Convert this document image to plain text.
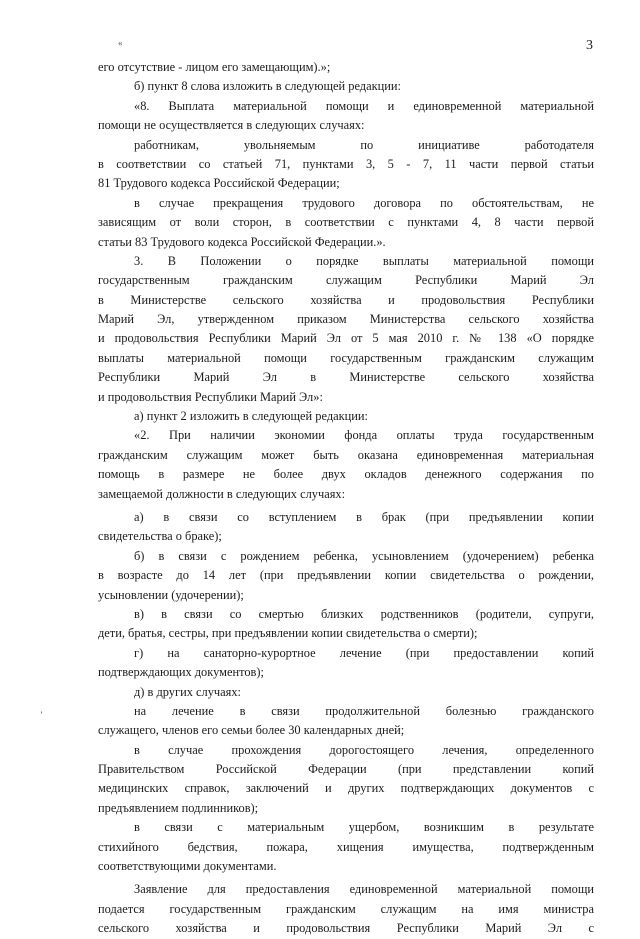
«
ʼ
3
его отсутствие - лицом его замещающим).»;
б) пункт 8 слова изложить в следующей редакции:
«8. Выплата материальной помощи и единовременной материальной
помощи не осуществляется в следующих случаях:
работникам, увольняемым по инициативе работодателя
в соответствии со статьей 71, пунктами 3, 5 - 7, 11 части первой статьи
81 Трудового кодекса Российской Федерации;
в случае прекращения трудового договора по обстоятельствам, не
зависящим от воли сторон, в соответствии с пунктами 4, 8 части первой
статьи 83 Трудового кодекса Российской Федерации.».
3. В Положении о порядке выплаты материальной помощи
государственным гражданским служащим Республики Марий Эл
в Министерстве сельского хозяйства и продовольствия Республики
Марий Эл, утвержденном приказом Министерства сельского хозяйства
и продовольствия Республики Марий Эл от 5 мая 2010 г. № 138 «О порядке
выплаты материальной помощи государственным гражданским служащим
Республики Марий Эл в Министерстве сельского хозяйства
и продовольствия Республики Марий Эл»:
а) пункт 2 изложить в следующей редакции:
«2. При наличии экономии фонда оплаты труда государственным
гражданским служащим может быть оказана единовременная материальная
помощь в размере не более двух окладов денежного содержания по
замещаемой должности в следующих случаях:
а) в связи со вступлением в брак (при предъявлении копии
свидетельства о браке);
б) в связи с рождением ребенка, усыновлением (удочерением) ребенка
в возрасте до 14 лет (при предъявлении копии свидетельства о рождении,
усыновлении (удочерении);
в) в связи со смертью близких родственников (родители, супруги,
дети, братья, сестры, при предъявлении копии свидетельства о смерти);
г) на санаторно-курортное лечение (при предоставлении копий
подтверждающих документов);
д) в других случаях:
на лечение в связи продолжительной болезнью гражданского
служащего, членов его семьи более 30 календарных дней;
в случае прохождения дорогостоящего лечения, определенного
Правительством Российской Федерации (при представлении копий
медицинских справок, заключений и других подтверждающих документов с
предъявлением подлинников);
в связи с материальным ущербом, возникшим в результате
стихийного бедствия, пожара, хищения имущества, подтвержденным
соответствующими документами.
Заявление для предоставления единовременной материальной помощи
подается государственным гражданским служащим на имя министра
сельского хозяйства и продовольствия Республики Марий Эл с
